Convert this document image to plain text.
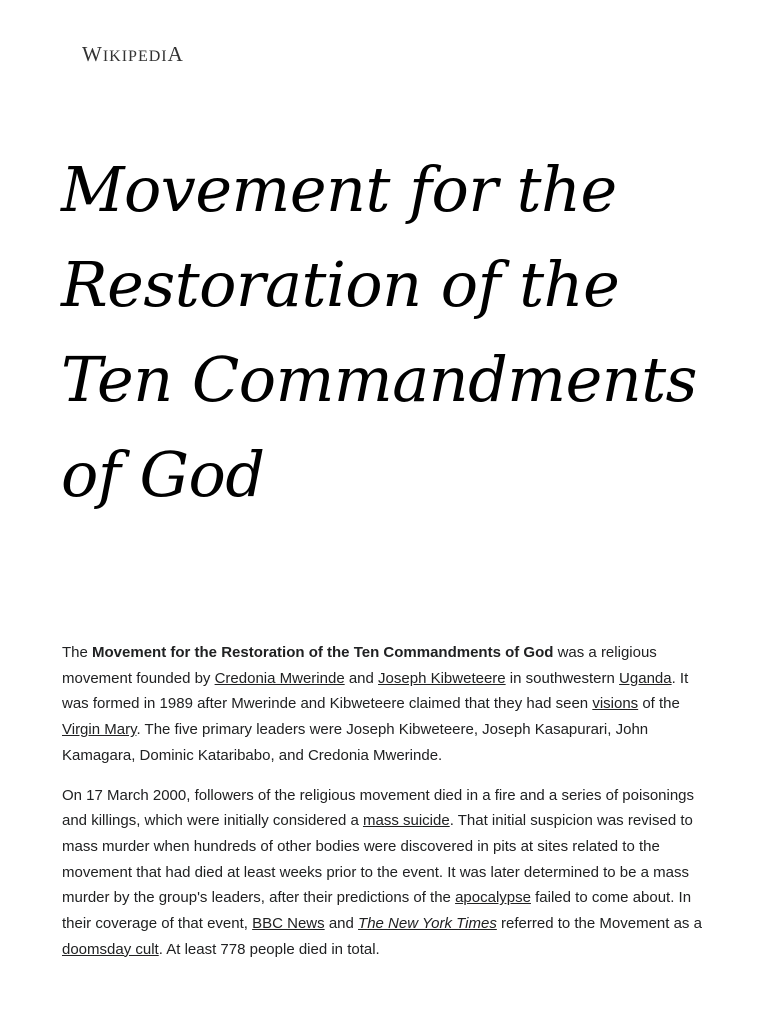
WIKIPEDIA
Movement for the Restoration of the Ten Commandments of God

The Movement for the Restoration of the Ten Commandments of God was a religious movement founded by Credonia Mwerinde and Joseph Kibweteere in southwestern Uganda. It was formed in 1989 after Mwerinde and Kibweteere claimed that they had seen visions of the Virgin Mary. The five primary leaders were Joseph Kibweteere, Joseph Kasapurari, John Kamagara, Dominic Kataribabo, and Credonia Mwerinde.

On 17 March 2000, followers of the religious movement died in a fire and a series of poisonings and killings, which were initially considered a mass suicide. That initial suspicion was revised to mass murder when hundreds of other bodies were discovered in pits at sites related to the movement that had died at least weeks prior to the event. It was later determined to be a mass murder by the group's leaders, after their predictions of the apocalypse failed to come about. In their coverage of that event, BBC News and The New York Times referred to the Movement as a doomsday cult. At least 778 people died in total.
